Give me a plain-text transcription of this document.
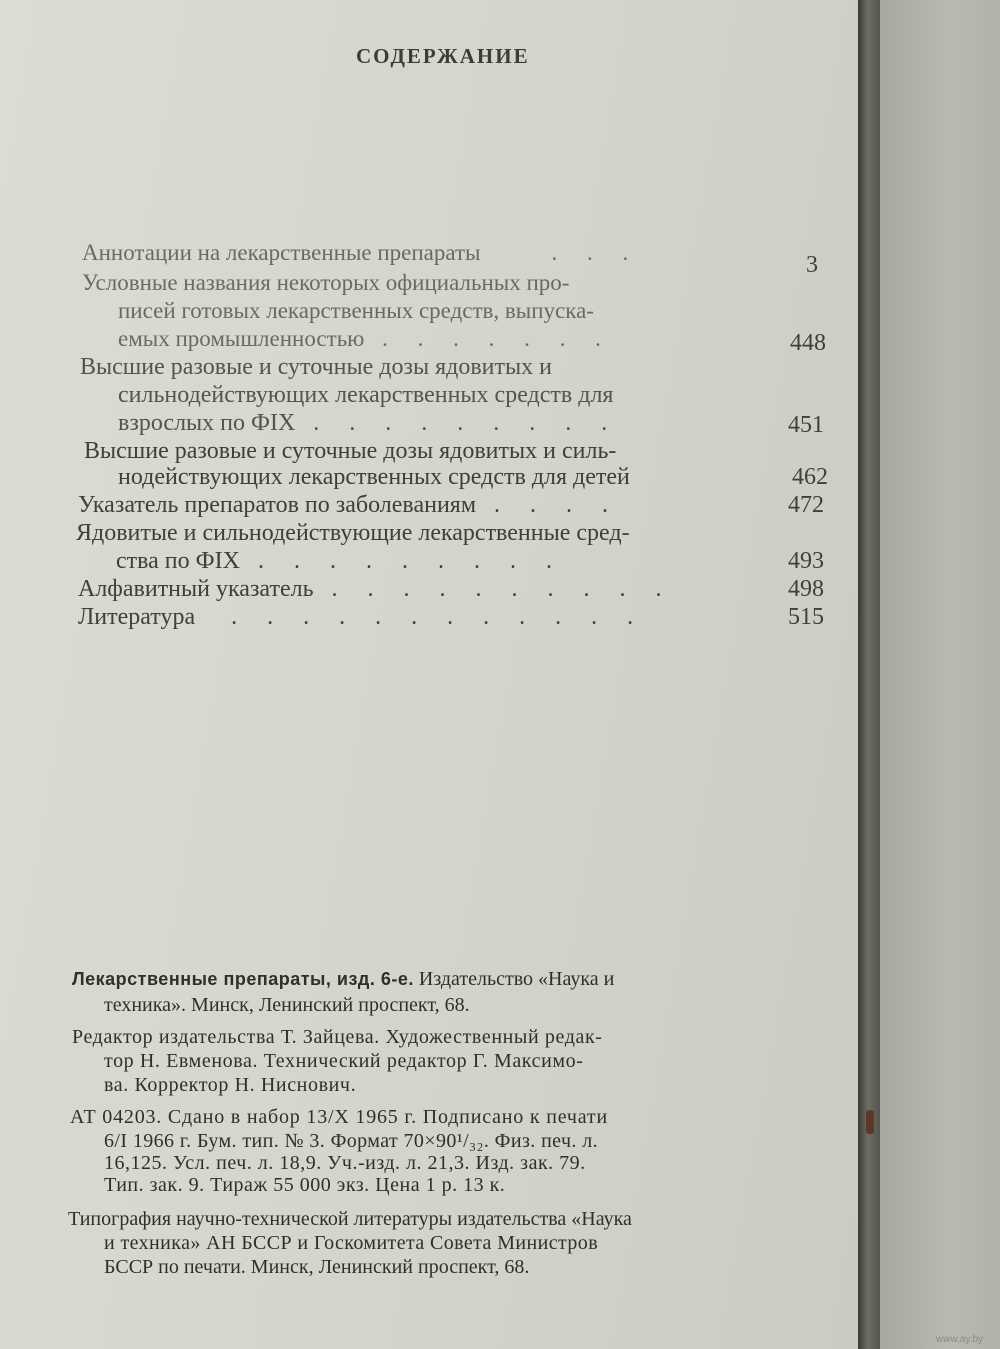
СОДЕРЖАНИЕ

Аннотации на лекарственные препараты    . . .	3

Условные названия некоторых официальных про-

писей готовых лекарственных средств, выпуска-

емых промышленностью . . . . . . .	448

Высшие разовые и суточные дозы ядовитых и

сильнодействующих лекарственных средств для

взрослых по ФIX . . . . . . . . .	451

Высшие разовые и суточные дозы ядовитых и силь-

нодействующих лекарственных средств для детей	462

Указатель препаратов по заболеваниям . . . .	472

Ядовитые и сильнодействующие лекарственные сред-

ства по ФIX . . . . . . . . .	493

Алфавитный указатель . . . . . . . . . .	498

Литература  . . . . . . . . . . . .	515

Лекарственные препараты, изд. 6-е. Издательство «Наука и

техника». Минск, Ленинский проспект, 68.

Редактор издательства Т. Зайцева. Художественный редак-

тор Н. Евменова. Технический редактор Г. Максимо-

ва. Корректор Н. Ниснович.

АТ 04203. Сдано в набор 13/X 1965 г. Подписано к печати

6/I 1966 г. Бум. тип. № 3. Формат 70×90¹/₃₂. Физ. печ. л.

16,125. Усл. печ. л. 18,9. Уч.-изд. л. 21,3. Изд. зак. 79.

Тип. зак. 9. Тираж 55 000 экз. Цена 1 р. 13 к.

Типография научно-технической литературы издательства «Наука

и техника» АН БССР и Госкомитета Совета Министров

БССР по печати. Минск, Ленинский проспект, 68.

www.ay.by
